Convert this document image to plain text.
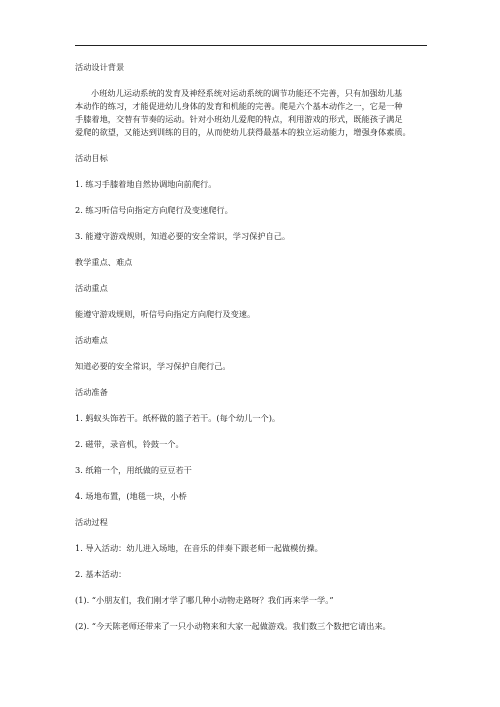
活动设计背景
小班幼儿运动系统的发育及神经系统对运动系统的调节功能还不完善，只有加强幼儿基
本动作的练习，才能促进幼儿身体的发育和机能的完善。爬是六个基本动作之一，它是一种
手膝着地，交替有节奏的运动。针对小班幼儿爱爬的特点，利用游戏的形式，既能孩子满足
爱爬的欲望，又能达到训练的目的，从而使幼儿获得最基本的独立运动能力，增强身体素质。
活动目标
1. 练习手膝着地自然协调地向前爬行。
2. 练习听信号向指定方向爬行及变速爬行。
3. 能遵守游戏规则，知道必要的安全常识，学习保护自己。
教学重点、难点
活动重点
能遵守游戏规则，听信号向指定方向爬行及变速。
活动难点
知道必要的安全常识，学习保护自爬行己。
活动准备
1. 蚂蚁头饰若干。纸杯做的篮子若干。(每个幼儿一个)。
2. 磁带，录音机，铃鼓一个。
3. 纸箱一个，用纸做的豆豆若干
4. 场地布置，(地毯一块，小桥
活动过程
1. 导入活动：幼儿进入场地，在音乐的伴奏下跟老师一起做模仿操。
2. 基本活动：
(1). “小朋友们，我们刚才学了哪几种小动物走路呀？我们再来学一学。”
(2). “今天陈老师还带来了一只小动物来和大家一起做游戏。我们数三个数把它请出来。
